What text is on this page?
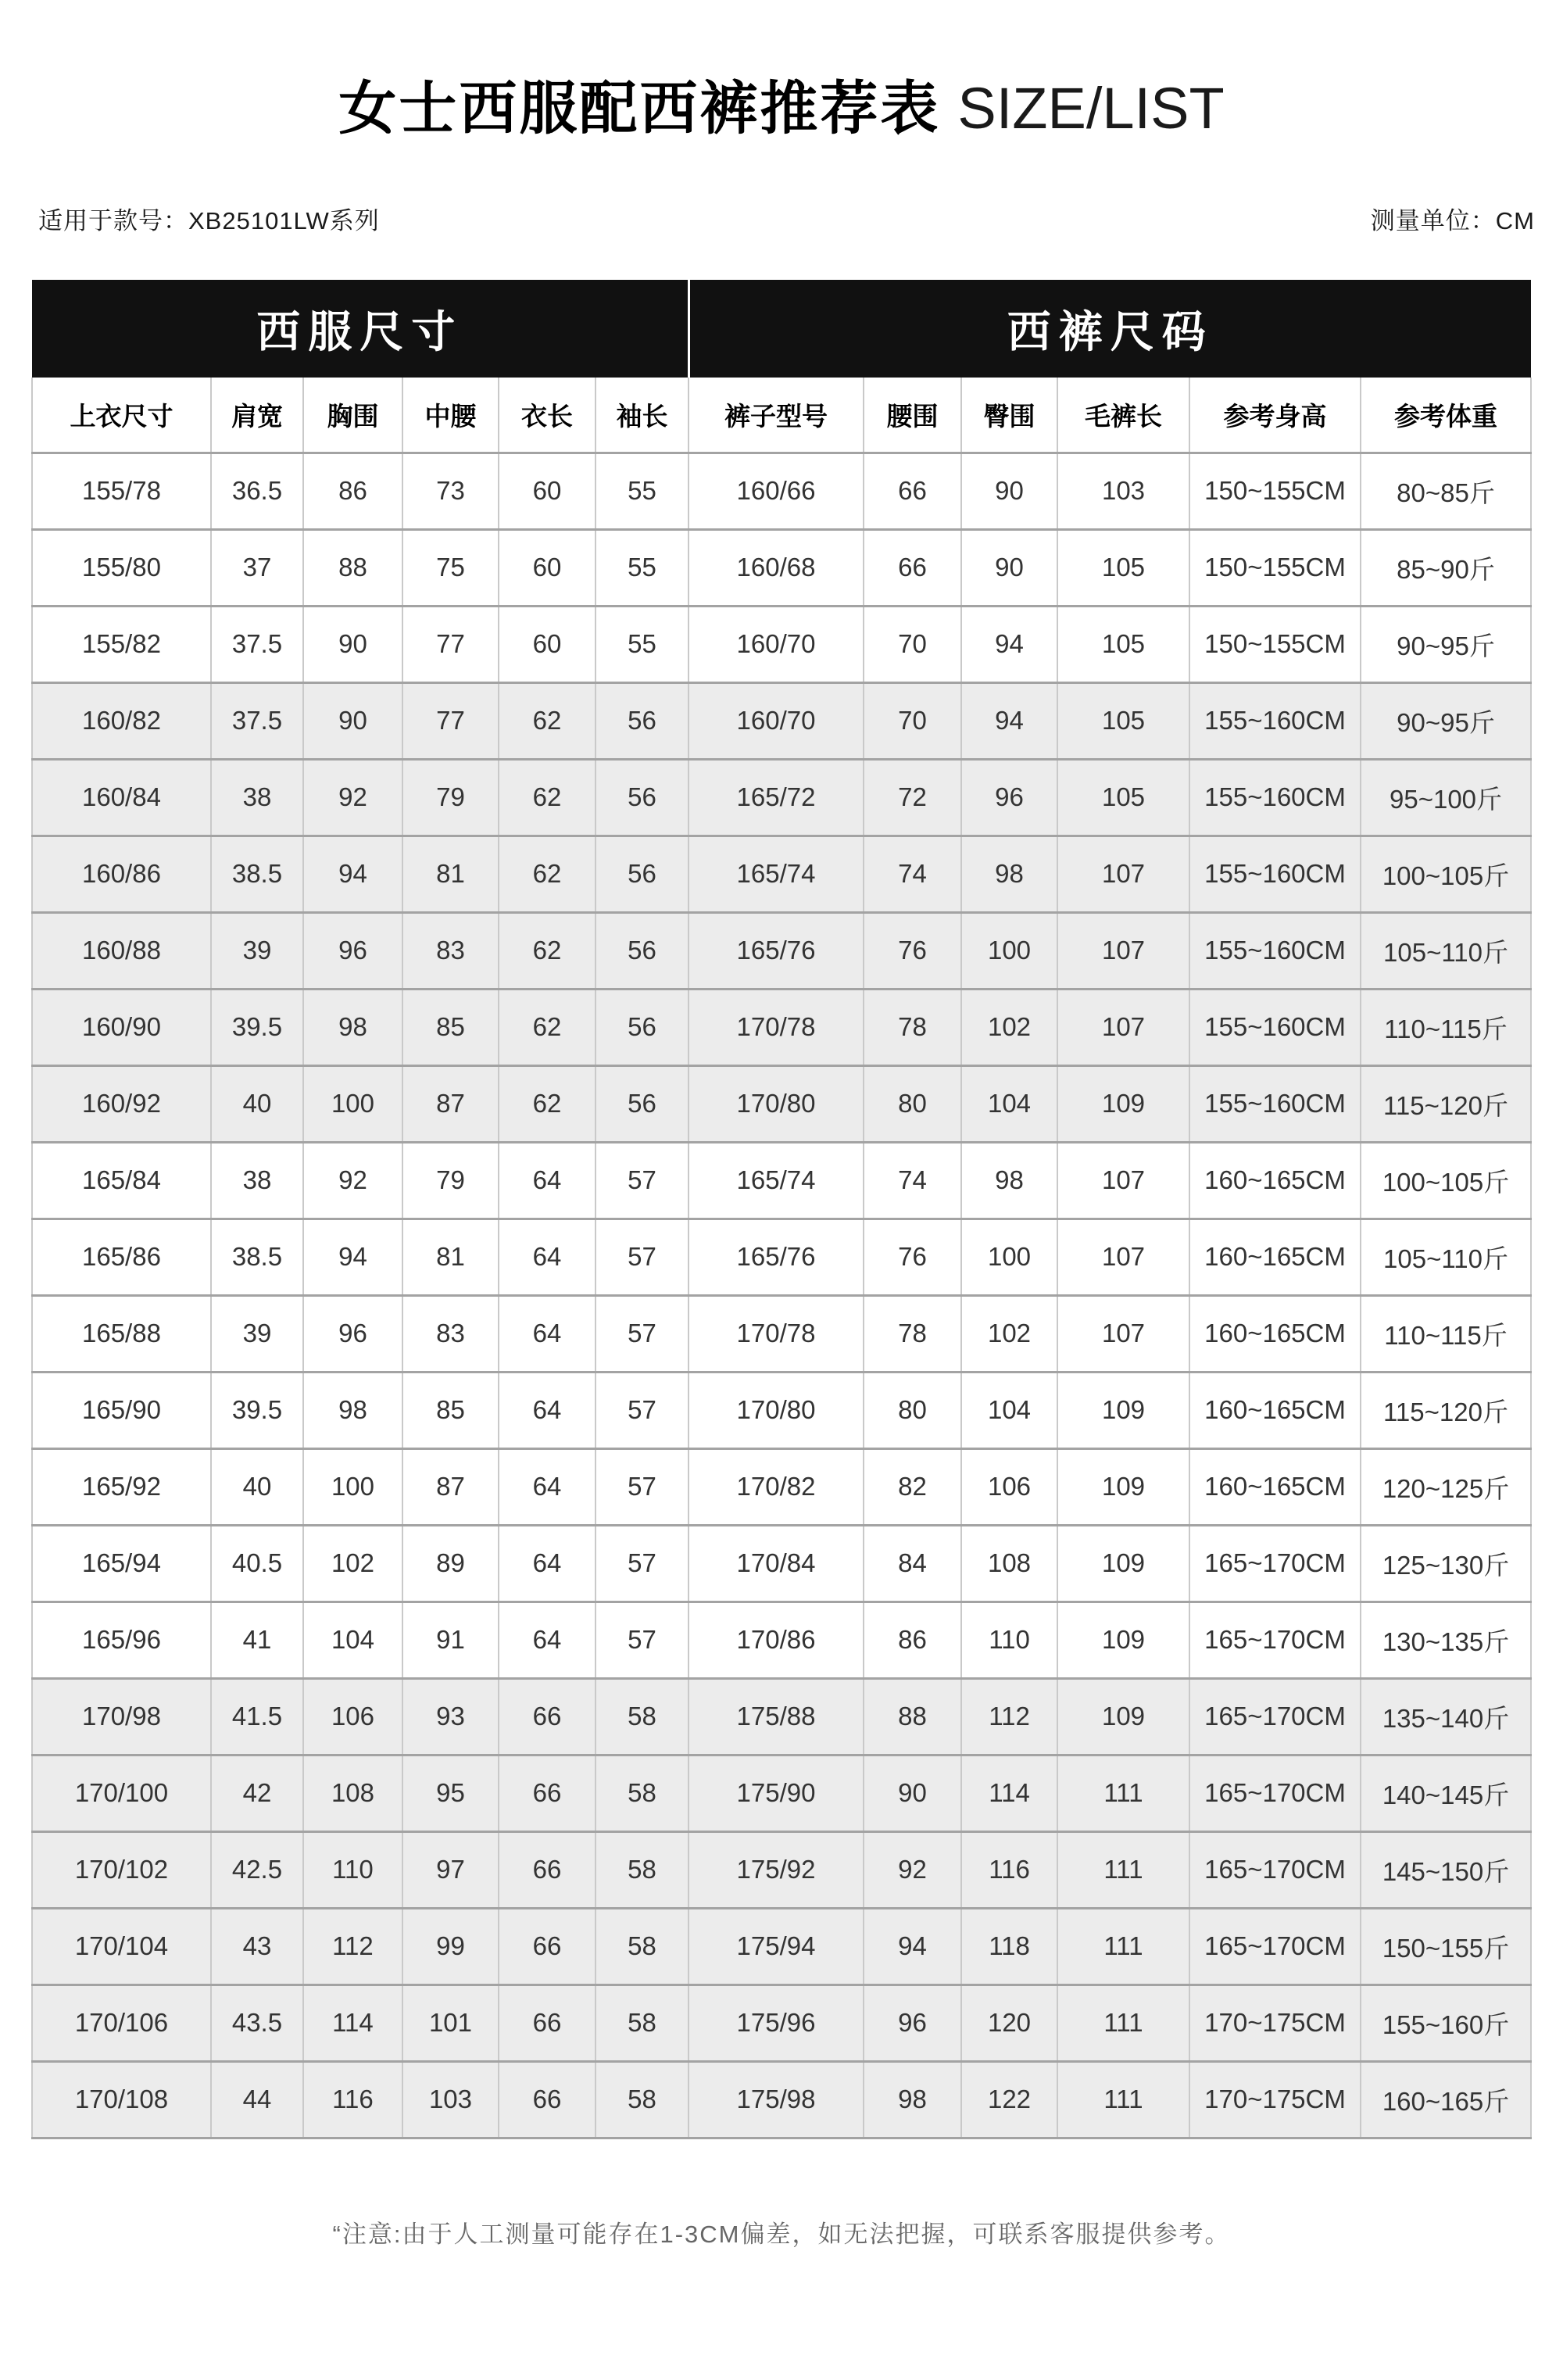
女士西服配西裤推荐表 SIZE/LIST
适用于款号：XB25101LW系列	测量单位：CM
西服尺寸						西裤尺码					
上衣尺寸	肩宽	胸围	中腰	衣长	袖长	裤子型号	腰围	臀围	毛裤长	参考身高	参考体重
155/78	36.5	86	73	60	55	160/66	66	90	103	150~155CM	80~85斤
155/80	37	88	75	60	55	160/68	66	90	105	150~155CM	85~90斤
155/82	37.5	90	77	60	55	160/70	70	94	105	150~155CM	90~95斤
160/82	37.5	90	77	62	56	160/70	70	94	105	155~160CM	90~95斤
160/84	38	92	79	62	56	165/72	72	96	105	155~160CM	95~100斤
160/86	38.5	94	81	62	56	165/74	74	98	107	155~160CM	100~105斤
160/88	39	96	83	62	56	165/76	76	100	107	155~160CM	105~110斤
160/90	39.5	98	85	62	56	170/78	78	102	107	155~160CM	110~115斤
160/92	40	100	87	62	56	170/80	80	104	109	155~160CM	115~120斤
165/84	38	92	79	64	57	165/74	74	98	107	160~165CM	100~105斤
165/86	38.5	94	81	64	57	165/76	76	100	107	160~165CM	105~110斤
165/88	39	96	83	64	57	170/78	78	102	107	160~165CM	110~115斤
165/90	39.5	98	85	64	57	170/80	80	104	109	160~165CM	115~120斤
165/92	40	100	87	64	57	170/82	82	106	109	160~165CM	120~125斤
165/94	40.5	102	89	64	57	170/84	84	108	109	165~170CM	125~130斤
165/96	41	104	91	64	57	170/86	86	110	109	165~170CM	130~135斤
170/98	41.5	106	93	66	58	175/88	88	112	109	165~170CM	135~140斤
170/100	42	108	95	66	58	175/90	90	114	111	165~170CM	140~145斤
170/102	42.5	110	97	66	58	175/92	92	116	111	165~170CM	145~150斤
170/104	43	112	99	66	58	175/94	94	118	111	165~170CM	150~155斤
170/106	43.5	114	101	66	58	175/96	96	120	111	170~175CM	155~160斤
170/108	44	116	103	66	58	175/98	98	122	111	170~175CM	160~165斤

“注意:由于人工测量可能存在1-3CM偏差，如无法把握，可联系客服提供参考。
